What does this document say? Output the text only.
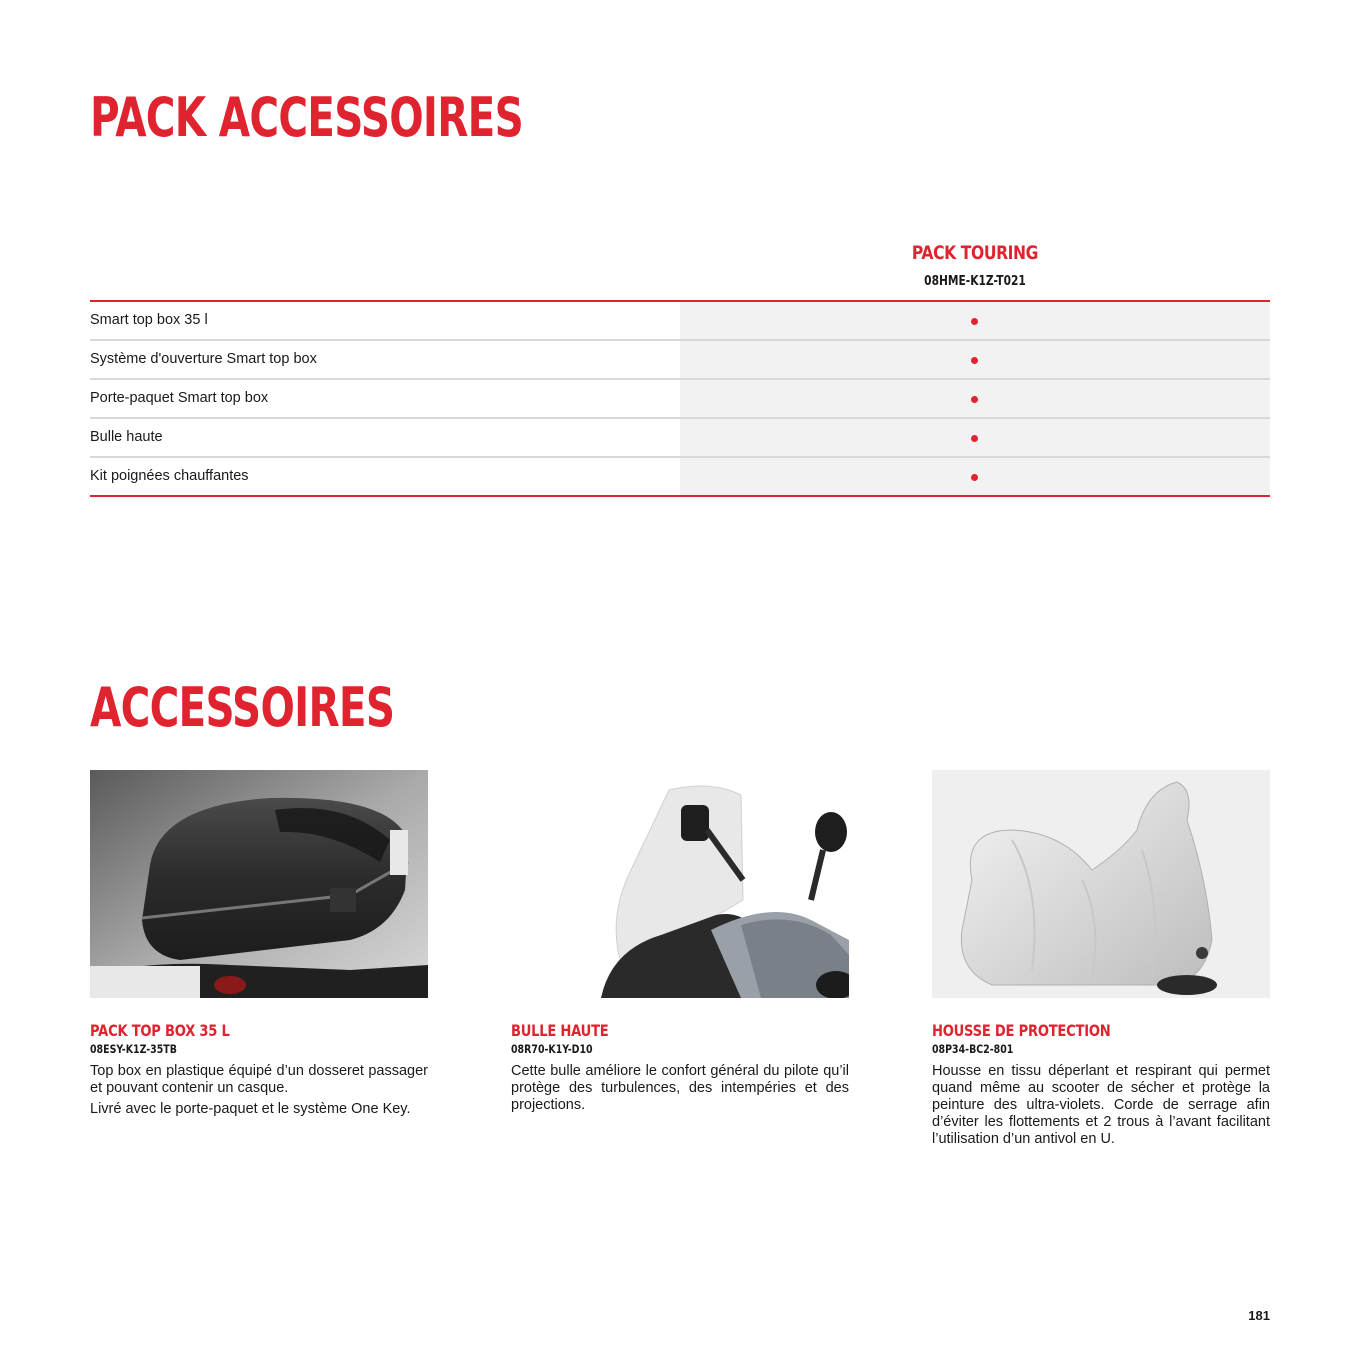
PACK ACCESSOIRES
PACK TOURING
08HME-K1Z-T021
Smart top box 35 l
Système d'ouverture Smart top box
Porte-paquet Smart top box
Bulle haute
Kit poignées chauffantes
ACCESSOIRES
PACK TOP BOX 35 L
08ESY-K1Z-35TB

Top box en plastique équipé d’un dosseret passager et pouvant contenir un casque.

Livré avec le porte-paquet et le système One Key.

BULLE HAUTE
08R70-K1Y-D10

Cette bulle améliore le confort général du pilote qu’il protège des turbulences, des intempéries et des projections.

HOUSSE DE PROTECTION
08P34-BC2-801

Housse en tissu déperlant et respirant qui permet quand même au scooter de sécher et protège la peinture des ultra-violets. Corde de serrage afin d’éviter les flottements et 2 trous à l’avant facilitant l’utilisation d’un antivol en U.

181
